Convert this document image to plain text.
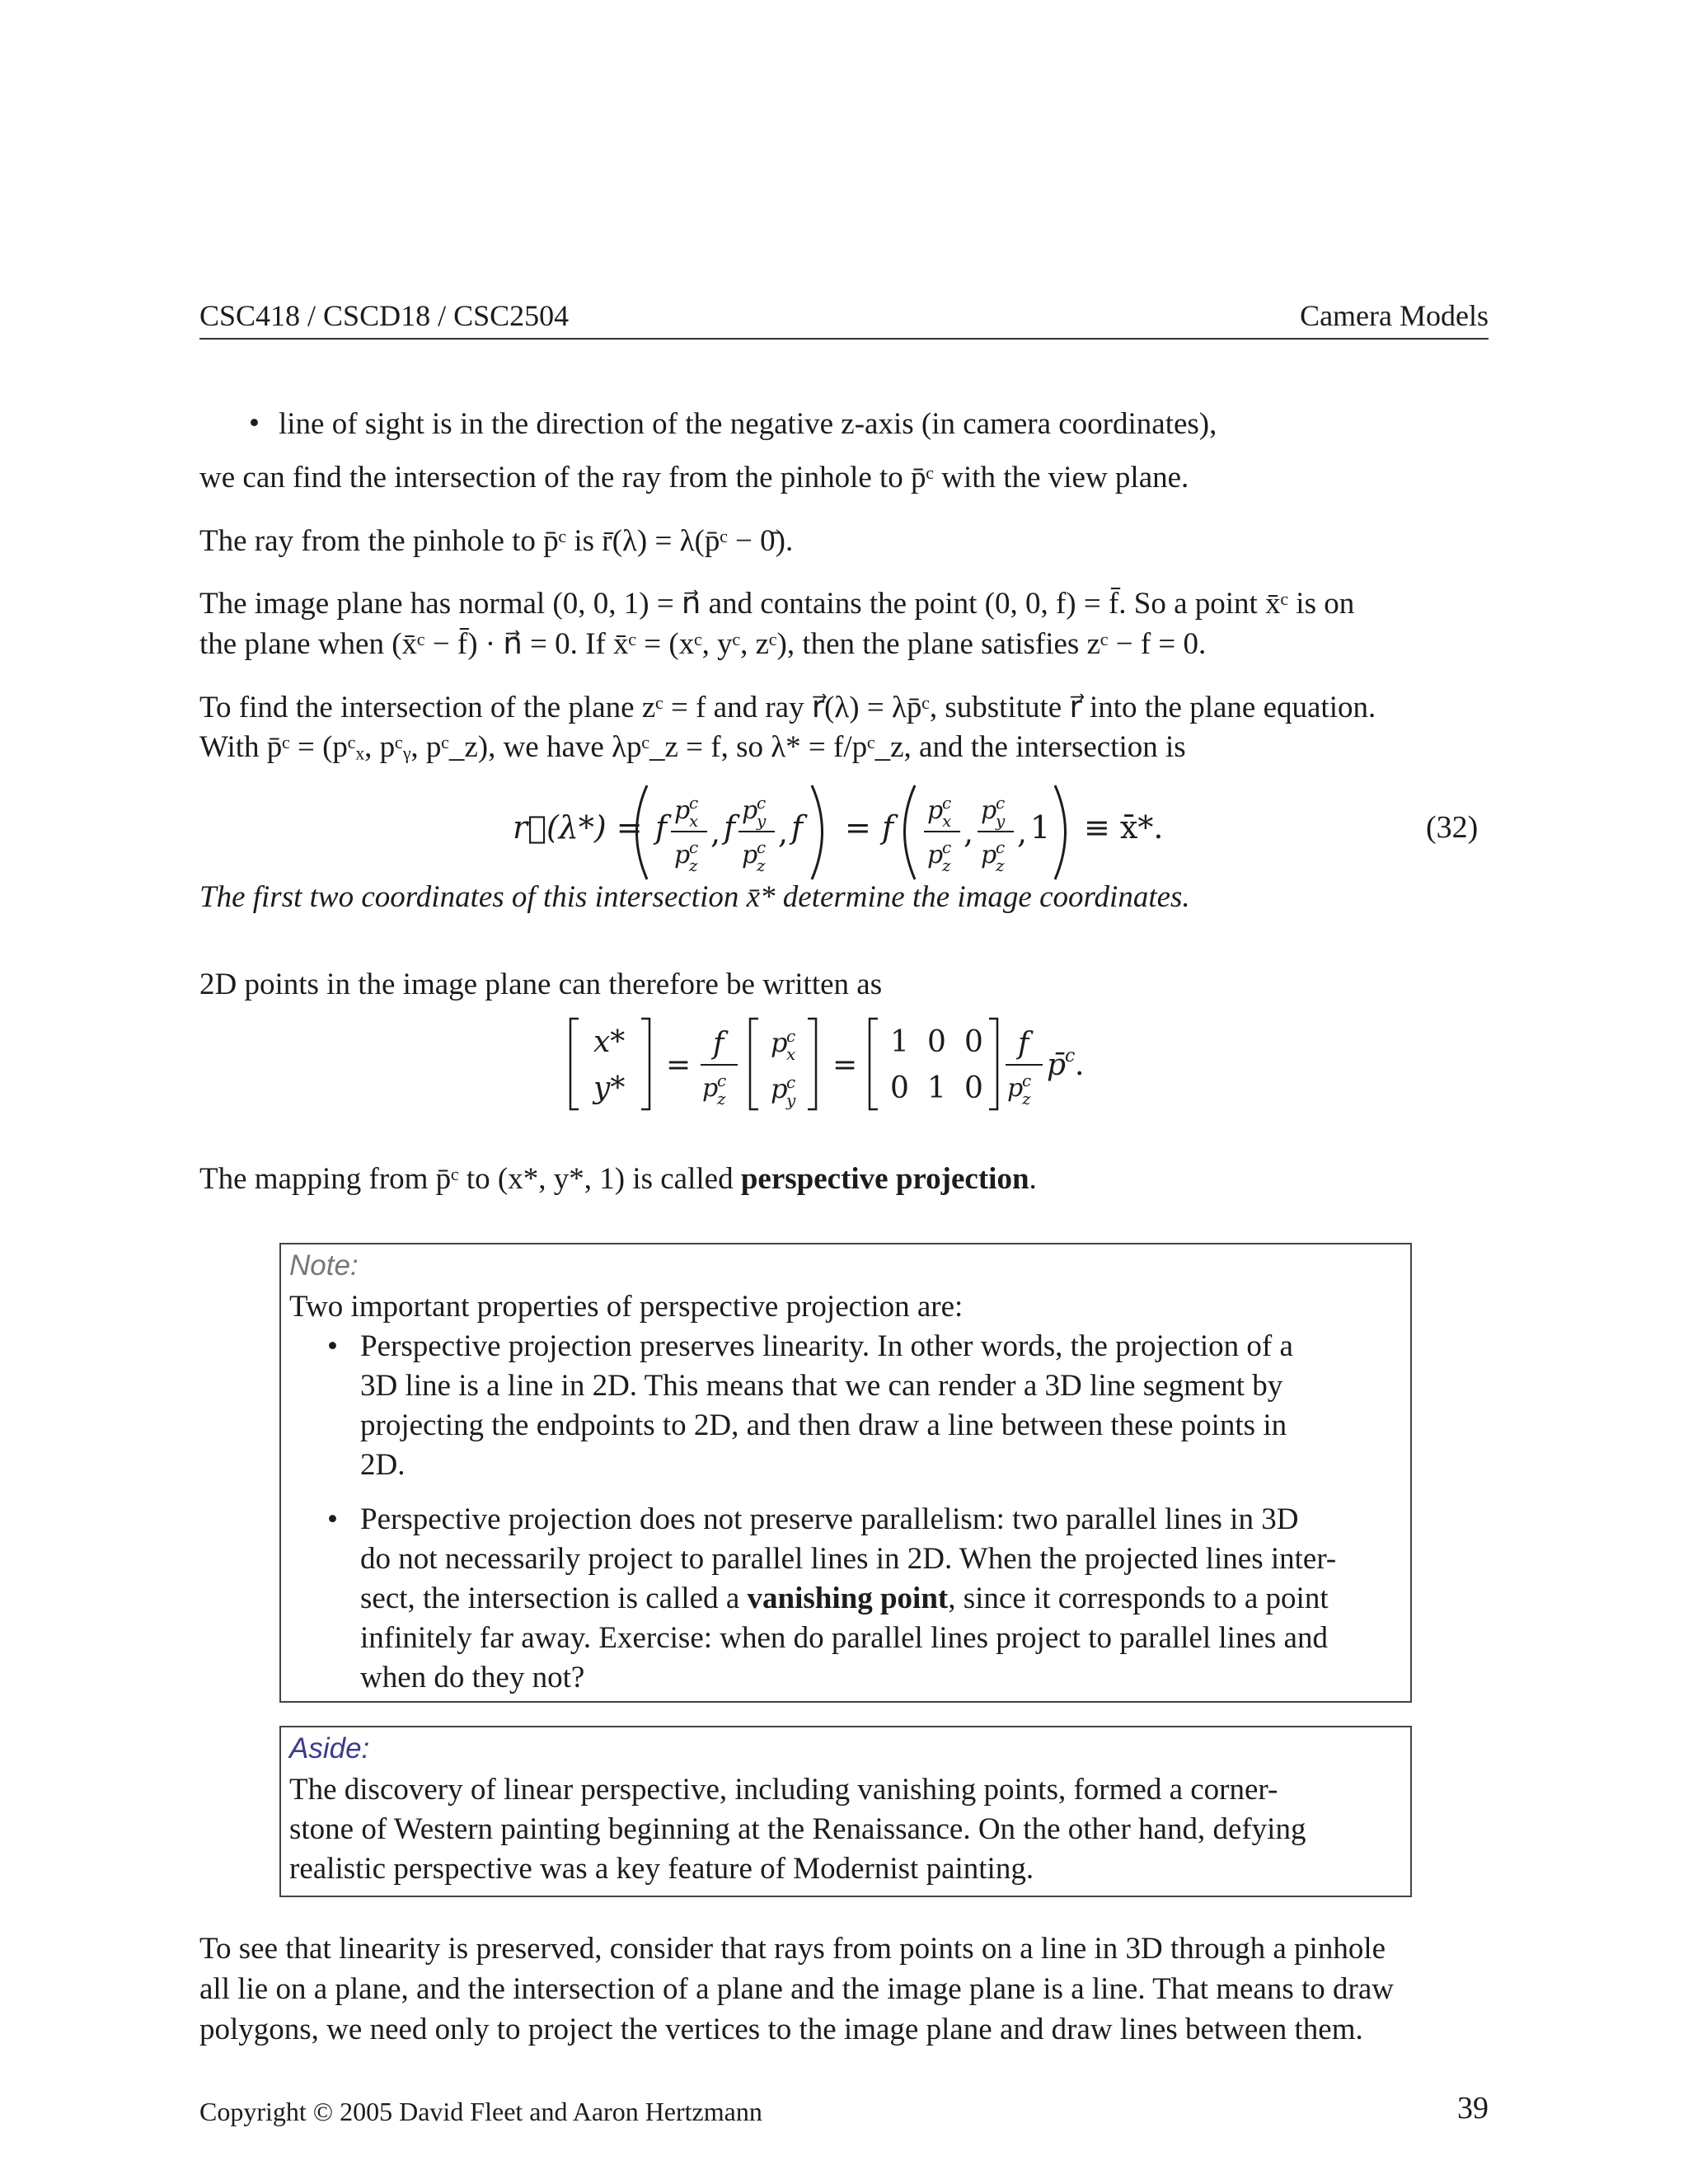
CSC418 / CSCD18 / CSC2504	Camera Models
• line of sight is in the direction of the negative z-axis (in camera coordinates),
we can find the intersection of the ray from the pinhole to p̄ᶜ with the view plane.
The ray from the pinhole to p̄ᶜ is r̄(λ) = λ(p̄ᶜ − 0̄).
The image plane has normal (0, 0, 1) = n⃗ and contains the point (0, 0, f) = f̄. So a point x̄ᶜ is on
the plane when (x̄ᶜ − f̄) · n⃗ = 0. If x̄ᶜ = (xᶜ, yᶜ, zᶜ), then the plane satisfies zᶜ − f = 0.
To find the intersection of the plane zᶜ = f and ray r⃗(λ) = λp̄ᶜ, substitute r⃗ into the plane equation.
With p̄ᶜ = (pᶜₓ, pᶜᵧ, pᶜ_z), we have λpᶜ_z = f, so λ* = f/pᶜ_z, and the intersection is
r⃗(λ*) = f p
c
x
p
c
z
, f p
c
y
p
c
z
, f = f p
c
x
p
c
z
,
p
c
y
p
c
z
, 1 ≡ x̄*.	(32)
The first two coordinates of this intersection x̄* determine the image coordinates.
2D points in the image plane can therefore be written as
x*
y*
=
f
p
c
z
p
c
x
p
c
y
=
1 0 0
0 1 0
f
p
c
z
p̄
c .
The mapping from p̄ᶜ to (x*, y*, 1) is called perspective projection.
Note:
Two important properties of perspective projection are:
• Perspective projection preserves linearity. In other words, the projection of a
3D line is a line in 2D. This means that we can render a 3D line segment by
projecting the endpoints to 2D, and then draw a line between these points in
2D.
• Perspective projection does not preserve parallelism: two parallel lines in 3D
do not necessarily project to parallel lines in 2D. When the projected lines inter-
sect, the intersection is called a vanishing point, since it corresponds to a point
infinitely far away. Exercise: when do parallel lines project to parallel lines and
when do they not?
Aside:
The discovery of linear perspective, including vanishing points, formed a corner-
stone of Western painting beginning at the Renaissance. On the other hand, defying
realistic perspective was a key feature of Modernist painting.
To see that linearity is preserved, consider that rays from points on a line in 3D through a pinhole
all lie on a plane, and the intersection of a plane and the image plane is a line. That means to draw
polygons, we need only to project the vertices to the image plane and draw lines between them.
Copyright © 2005 David Fleet and Aaron Hertzmann	39
